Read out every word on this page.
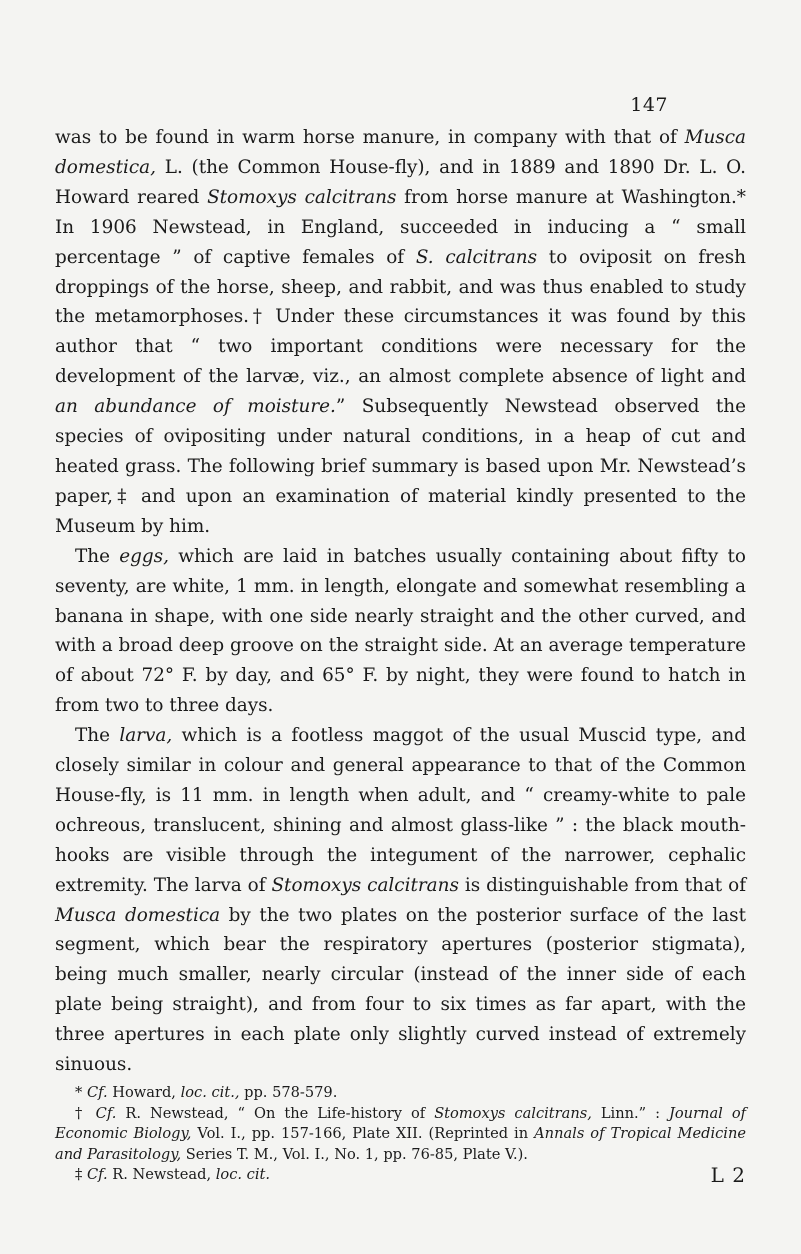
147

was to be found in warm horse manure, in company with that of Musca domestica, L. (the Common House-fly), and in 1889 and 1890 Dr. L. O. Howard reared Stomoxys calcitrans from horse manure at Washington.* In 1906 Newstead, in England, succeeded in inducing a “ small percentage ” of captive females of S. calcitrans to oviposit on fresh droppings of the horse, sheep, and rabbit, and was thus enabled to study the metamorphoses.† Under these circumstances it was found by this author that “ two important conditions were necessary for the development of the larvæ, viz., an almost complete absence of light and an abundance of moisture.” Subsequently Newstead observed the species of ovipositing under natural conditions, in a heap of cut and heated grass. The following brief summary is based upon Mr. Newstead’s paper,‡ and upon an examination of material kindly presented to the Museum by him.

The eggs, which are laid in batches usually containing about fifty to seventy, are white, 1 mm. in length, elongate and somewhat resembling a banana in shape, with one side nearly straight and the other curved, and with a broad deep groove on the straight side. At an average temperature of about 72° F. by day, and 65° F. by night, they were found to hatch in from two to three days.

The larva, which is a footless maggot of the usual Muscid type, and closely similar in colour and general appearance to that of the Common House-fly, is 11 mm. in length when adult, and “ creamy-white to pale ochreous, translucent, shining and almost glass-like ” : the black mouth-hooks are visible through the integument of the narrower, cephalic extremity. The larva of Stomoxys calcitrans is distinguishable from that of Musca domestica by the two plates on the posterior surface of the last segment, which bear the respiratory apertures (posterior stigmata), being much smaller, nearly circular (instead of the inner side of each plate being straight), and from four to six times as far apart, with the three apertures in each plate only slightly curved instead of extremely sinuous.

* Cf. Howard, loc. cit., pp. 578-579.

† Cf. R. Newstead, “ On the Life-history of Stomoxys calcitrans, Linn.” : Journal of Economic Biology, Vol. I., pp. 157-166, Plate XII. (Reprinted in Annals of Tropical Medicine and Parasitology, Series T. M., Vol. I., No. 1, pp. 76-85, Plate V.).

‡ Cf. R. Newstead, loc. cit.	L 2
